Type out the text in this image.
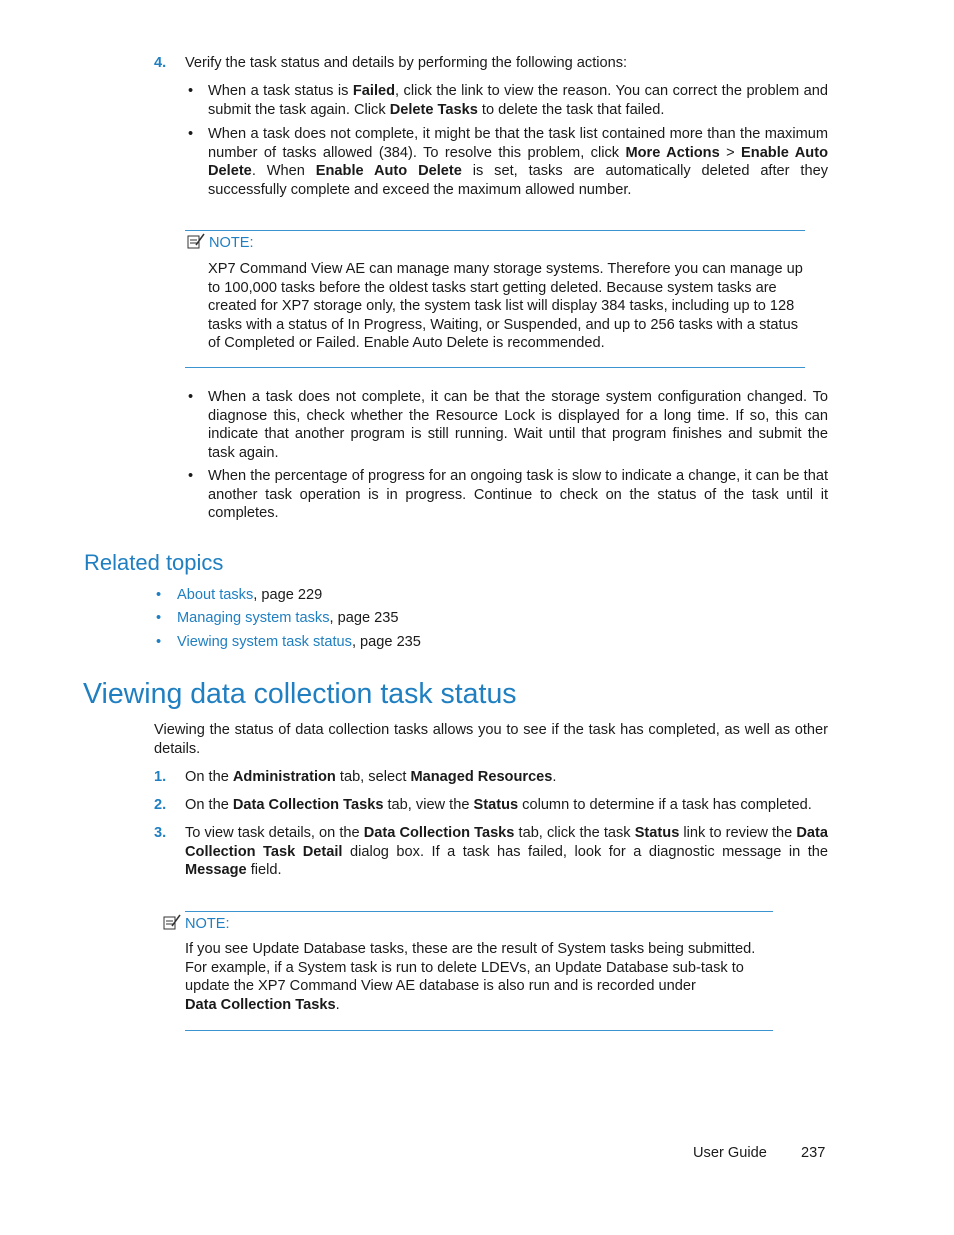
4. Verify the task status and details by performing the following actions:
• When a task status is Failed, click the link to view the reason. You can correct the problem and submit the task again. Click Delete Tasks to delete the task that failed.
• When a task does not complete, it might be that the task list contained more than the maximum number of tasks allowed (384). To resolve this problem, click More Actions > Enable Auto Delete. When Enable Auto Delete is set, tasks are automatically deleted after they successfully complete and exceed the maximum allowed number.
NOTE:
XP7 Command View AE can manage many storage systems. Therefore you can manage up to 100,000 tasks before the oldest tasks start getting deleted. Because system tasks are created for XP7 storage only, the system task list will display 384 tasks, including up to 128 tasks with a status of In Progress, Waiting, or Suspended, and up to 256 tasks with a status of Completed or Failed. Enable Auto Delete is recommended.
• When a task does not complete, it can be that the storage system configuration changed. To diagnose this, check whether the Resource Lock is displayed for a long time. If so, this can indicate that another program is still running. Wait until that program finishes and submit the task again.
• When the percentage of progress for an ongoing task is slow to indicate a change, it can be that another task operation is in progress. Continue to check on the status of the task until it completes.
Related topics
• About tasks, page 229
• Managing system tasks, page 235
• Viewing system task status, page 235
Viewing data collection task status
Viewing the status of data collection tasks allows you to see if the task has completed, as well as other details.
1. On the Administration tab, select Managed Resources.
2. On the Data Collection Tasks tab, view the Status column to determine if a task has completed.
3. To view task details, on the Data Collection Tasks tab, click the task Status link to review the Data Collection Task Detail dialog box. If a task has failed, look for a diagnostic message in the Message field.
NOTE:
If you see Update Database tasks, these are the result of System tasks being submitted. For example, if a System task is run to delete LDEVs, an Update Database sub-task to update the XP7 Command View AE database is also run and is recorded under
Data Collection Tasks.
User Guide 237
